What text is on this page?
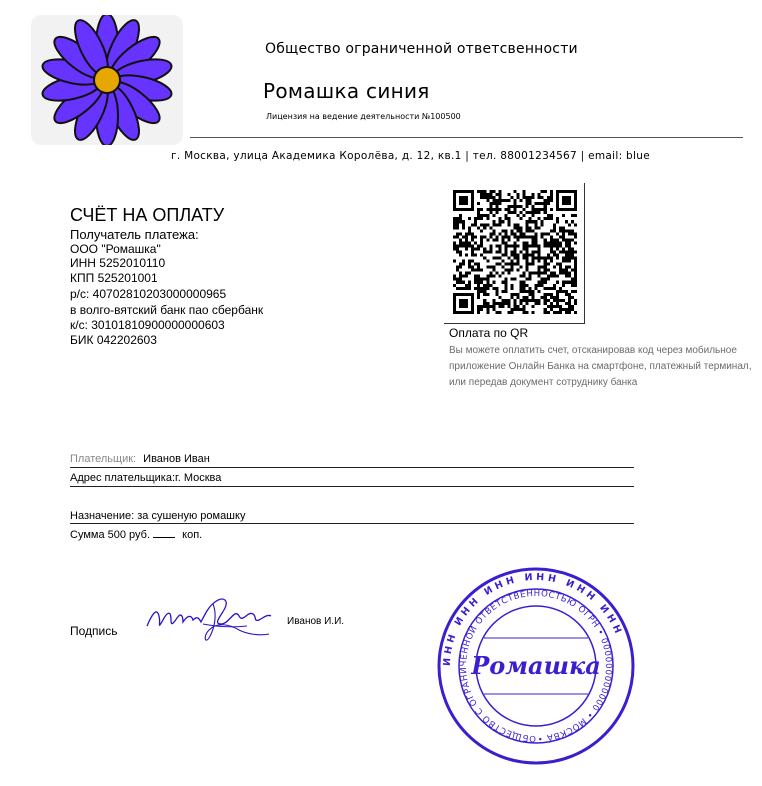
Общество ограниченной ответсвенности
Ромашка синия
Лицензия на ведение деятельности №100500
г. Москва, улица Академика Королёва, д. 12, кв.1 | тел. 88001234567 | email: blue
СЧЁТ НА ОПЛАТУ
Получатель платежа:
ООО "Ромашка"
ИНН 5252010110
КПП 525201001
р/с: 40702810203000000965
в волго-вятский банк пао сбербанк
к/с: 30101810900000000603
БИК 042202603	Оплата по QR
Вы можете оплатить счет, отсканировав код через мобильное приложение Онлайн Банка на смартфоне, платежный терминал, или передав документ сотруднику банка
Плательщик: Иванов Иван
Адрес плательщика:г. Москва
Назначение: за сушеную ромашку
Сумма 500 руб.	коп.
Подпись
Иванов И.И.
ИНН ИНН ИНН ИНН ИНН ИНН
ОБЩЕСТВО С ОГРАНИЧЕННОЙ ОТВЕТСТВЕННОСТЬЮ ОГРН • 000000000000 • МОСКВА •
Ромашка
